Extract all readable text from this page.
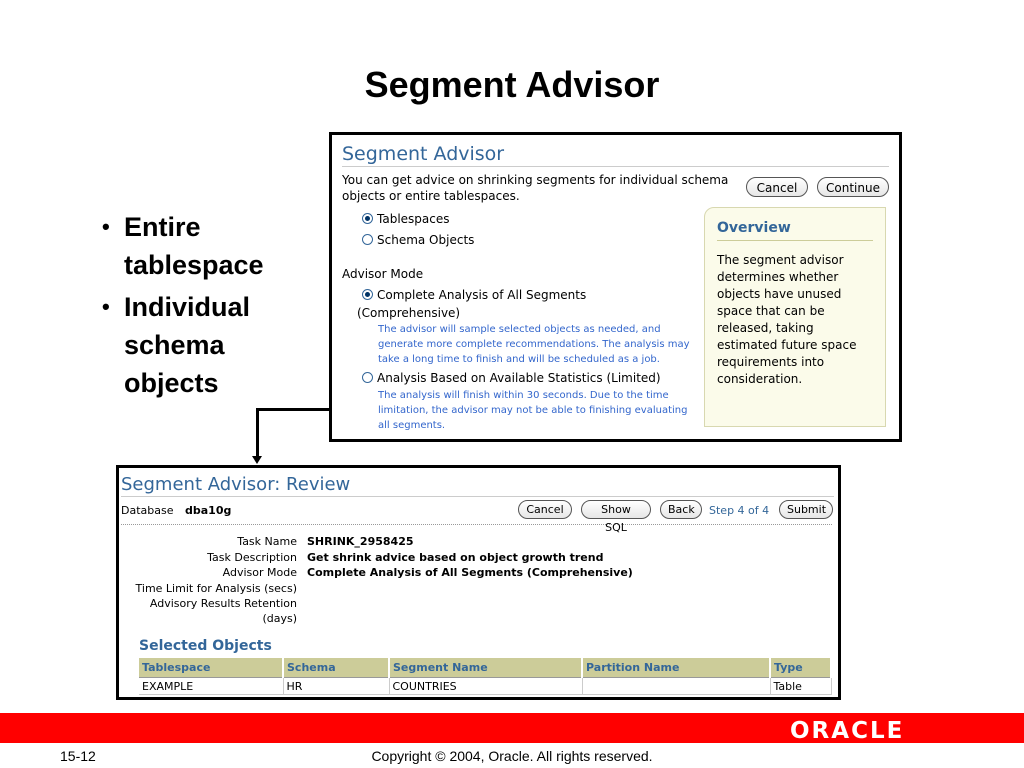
Segment Advisor
• Entire tablespace
• Individual schema objects
Segment Advisor
You can get advice on shrinking segments for individual schema objects or entire tablespaces.
Cancel	Continue
Tablespaces
Schema Objects
Advisor Mode
Complete Analysis of All Segments
(Comprehensive)
The advisor will sample selected objects as needed, and generate more complete recommendations. The analysis may take a long time to finish and will be scheduled as a job.
Analysis Based on Available Statistics (Limited)
The analysis will finish within 30 seconds. Due to the time limitation, the advisor may not be able to finishing evaluating all segments.
Overview
The segment advisor determines whether objects have unused space that can be released, taking estimated future space requirements into consideration.
Segment Advisor: Review
Database dba10g	Cancel	Show SQL
Back	Step 4 of 4	Submit
Task Name SHRINK_2958425
Task Description Get shrink advice based on object growth trend
Advisor Mode Complete Analysis of All Segments (Comprehensive)
Time Limit for Analysis (secs)
Advisory Results Retention
(days)
Selected Objects
Tablespace	Schema	Segment Name	Partition Name	Type
EXAMPLE	HR	COUNTRIES		Table
ORACLE
15-12	Copyright © 2004, Oracle. All rights reserved.
